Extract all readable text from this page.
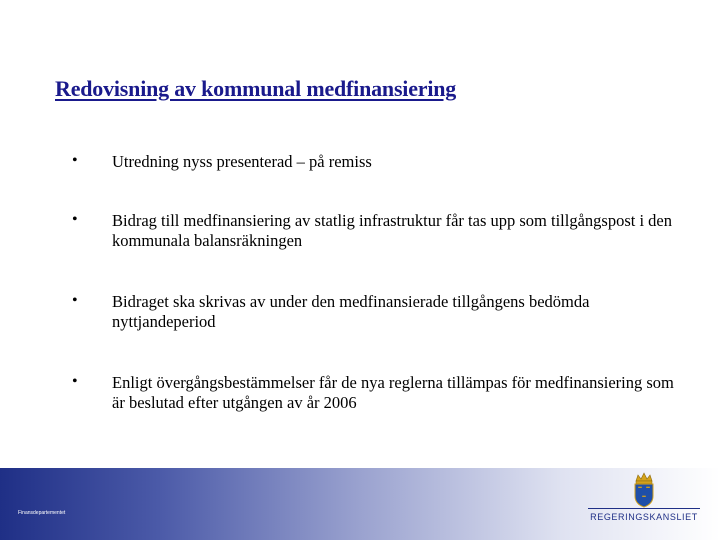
Redovisning av kommunal medfinansiering
• Utredning nyss presenterad – på remiss
• Bidrag till medfinansiering av statlig infrastruktur får tas upp som tillgångspost i den kommunala balansräkningen
• Bidraget ska skrivas av under den medfinansierade tillgångens bedömda nyttjandeperiod
• Enligt övergångsbestämmelser får de nya reglerna tillämpas för medfinansiering som är beslutad efter utgången av år 2006
Finansdepartementet	REGERINGSKANSLIET
